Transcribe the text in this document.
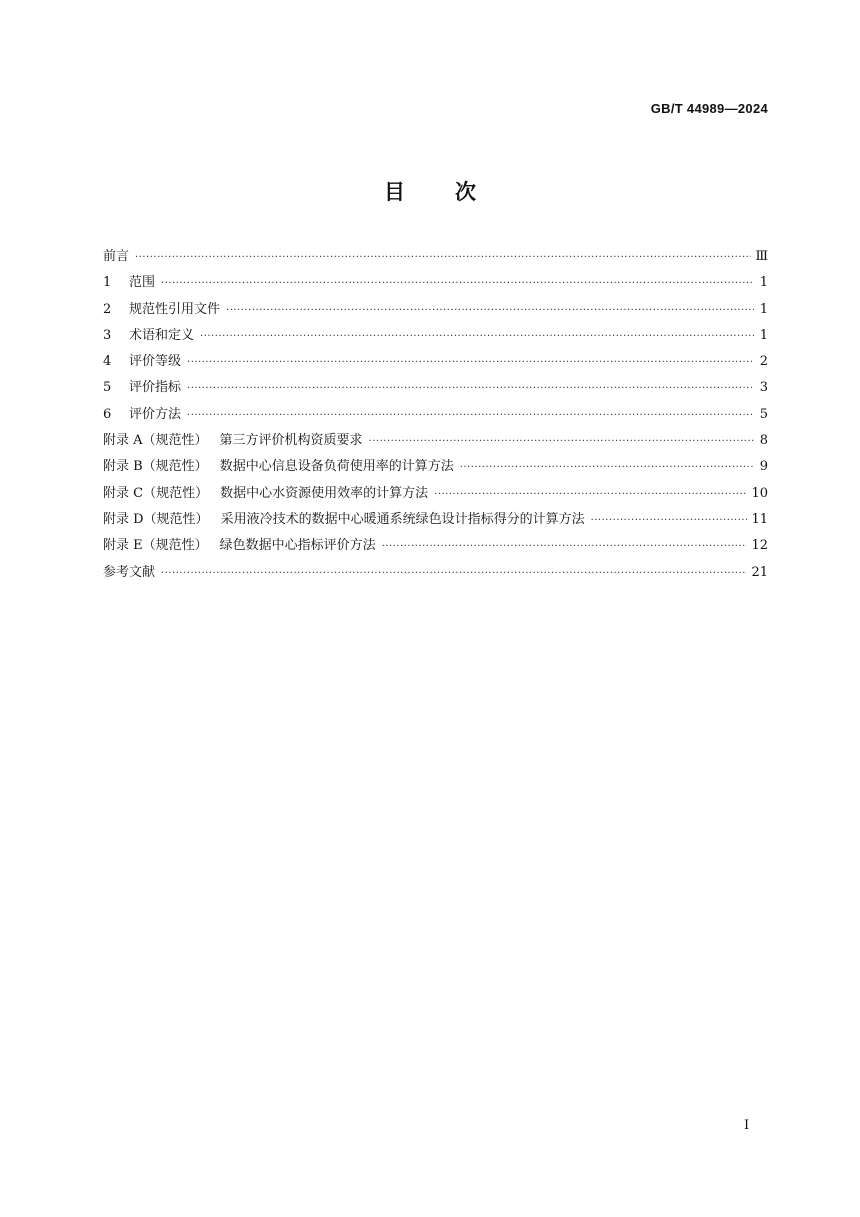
GB/T 44989—2024
目次
前言 ·····	Ⅲ
1 范围 ·····	1
2 规范性引用文件 ·····	1
3 术语和定义 ·····	1
4 评价等级 ·····	2
5 评价指标 ·····	3
6 评价方法 ·····	5
附录 A（规范性） 第三方评价机构资质要求 ·····	8
附录 B（规范性） 数据中心信息设备负荷使用率的计算方法 ·····	9
附录 C（规范性） 数据中心水资源使用效率的计算方法 ·····	10
附录 D（规范性） 采用液冷技术的数据中心暖通系统绿色设计指标得分的计算方法 ·····	11
附录 E（规范性） 绿色数据中心指标评价方法 ·····	12
参考文献 ·····	21
I
